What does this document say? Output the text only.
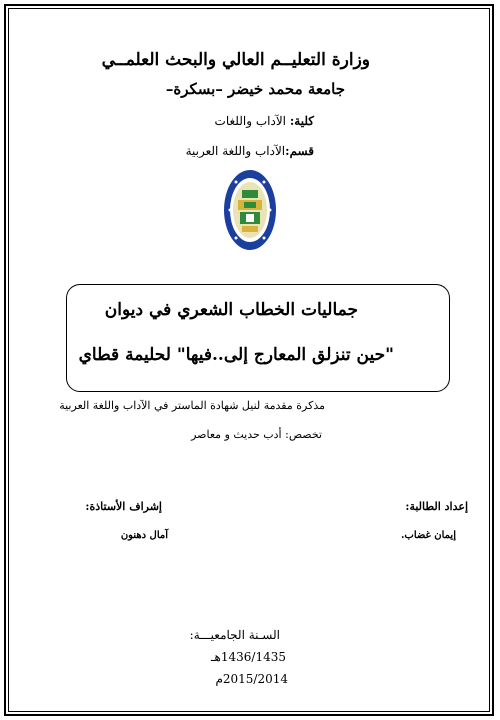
وزارة التعليــم العالي والبحث العلمــي
جامعة محمد خيضر –بسكرة–
كلية: الآداب واللغات
قسم:الآداب واللغة العربية
جماليات الخطاب الشعري في ديوان
"حين تنزلق المعارج إلى..فيها" لحليمة قطاي
مذكرة مقدمة لنيل شهادة الماستر في الآداب واللغة العربية
تخصص: أدب حديث و معاصر
إعداد الطالبة:
إيمان غضاب.
إشراف الأستاذة:
آمال دهنون
السـنة الجامعيـــة:
1436/1435هـ
2015/2014م
